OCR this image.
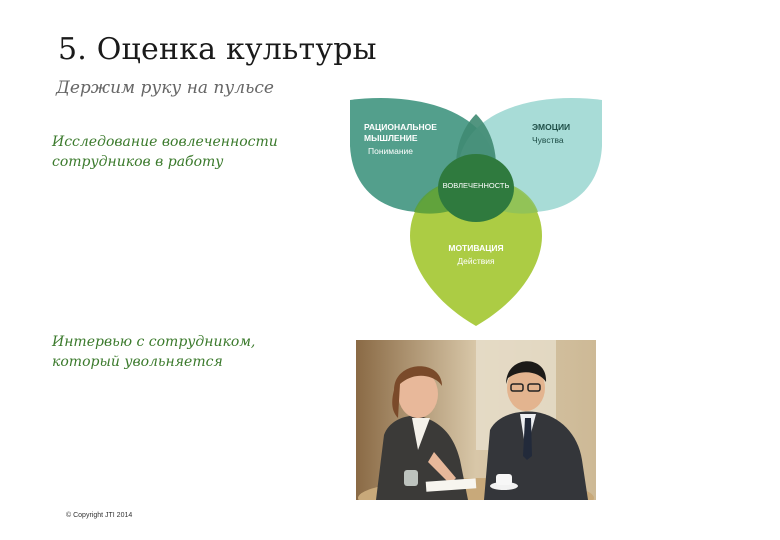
5. Оценка культуры
Держим руку на пульсе
Исследование вовлеченности
сотрудников в работу
Интервью с сотрудником,
который увольняется
РАЦИОНАЛЬНОЕ
МЫШЛЕНИЕ
Понимание
ЭМОЦИИ
Чувства
ВОВЛЕЧЕННОСТЬ
МОТИВАЦИЯ
Действия
© Copyright JTI 2014
